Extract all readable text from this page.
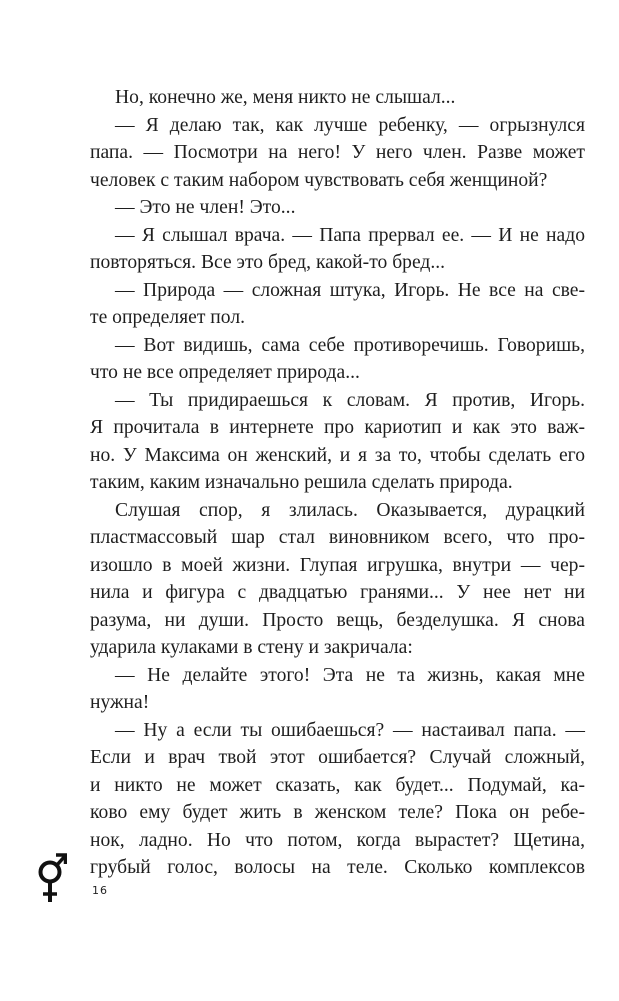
Но, конечно же, меня никто не слышал...
— Я делаю так, как лучше ребенку, — огрызнулся
папа. — Посмотри на него! У него член. Разве может
человек с таким набором чувствовать себя женщиной?
— Это не член! Это...
— Я слышал врача. — Папа прервал ее. — И не надо
повторяться. Все это бред, какой-то бред...
— Природа — сложная штука, Игорь. Не все на све-
те определяет пол.
— Вот видишь, сама себе противоречишь. Говоришь,
что не все определяет природа...
— Ты придираешься к словам. Я против, Игорь.
Я прочитала в интернете про кариотип и как это важ-
но. У Максима он женский, и я за то, чтобы сделать его
таким, каким изначально решила сделать природа.
Слушая спор, я злилась. Оказывается, дурацкий
пластмассовый шар стал виновником всего, что про-
изошло в моей жизни. Глупая игрушка, внутри — чер-
нила и фигура с двадцатью гранями... У нее нет ни
разума, ни души. Просто вещь, безделушка. Я снова
ударила кулаками в стену и закричала:
— Не делайте этого! Эта не та жизнь, какая мне
нужна!
— Ну а если ты ошибаешься? — настаивал папа. —
Если и врач твой этот ошибается? Случай сложный,
и никто не может сказать, как будет... Подумай, ка-
ково ему будет жить в женском теле? Пока он ребе-
нок, ладно. Но что потом, когда вырастет? Щетина,
грубый голос, волосы на теле. Сколько комплексов
16
